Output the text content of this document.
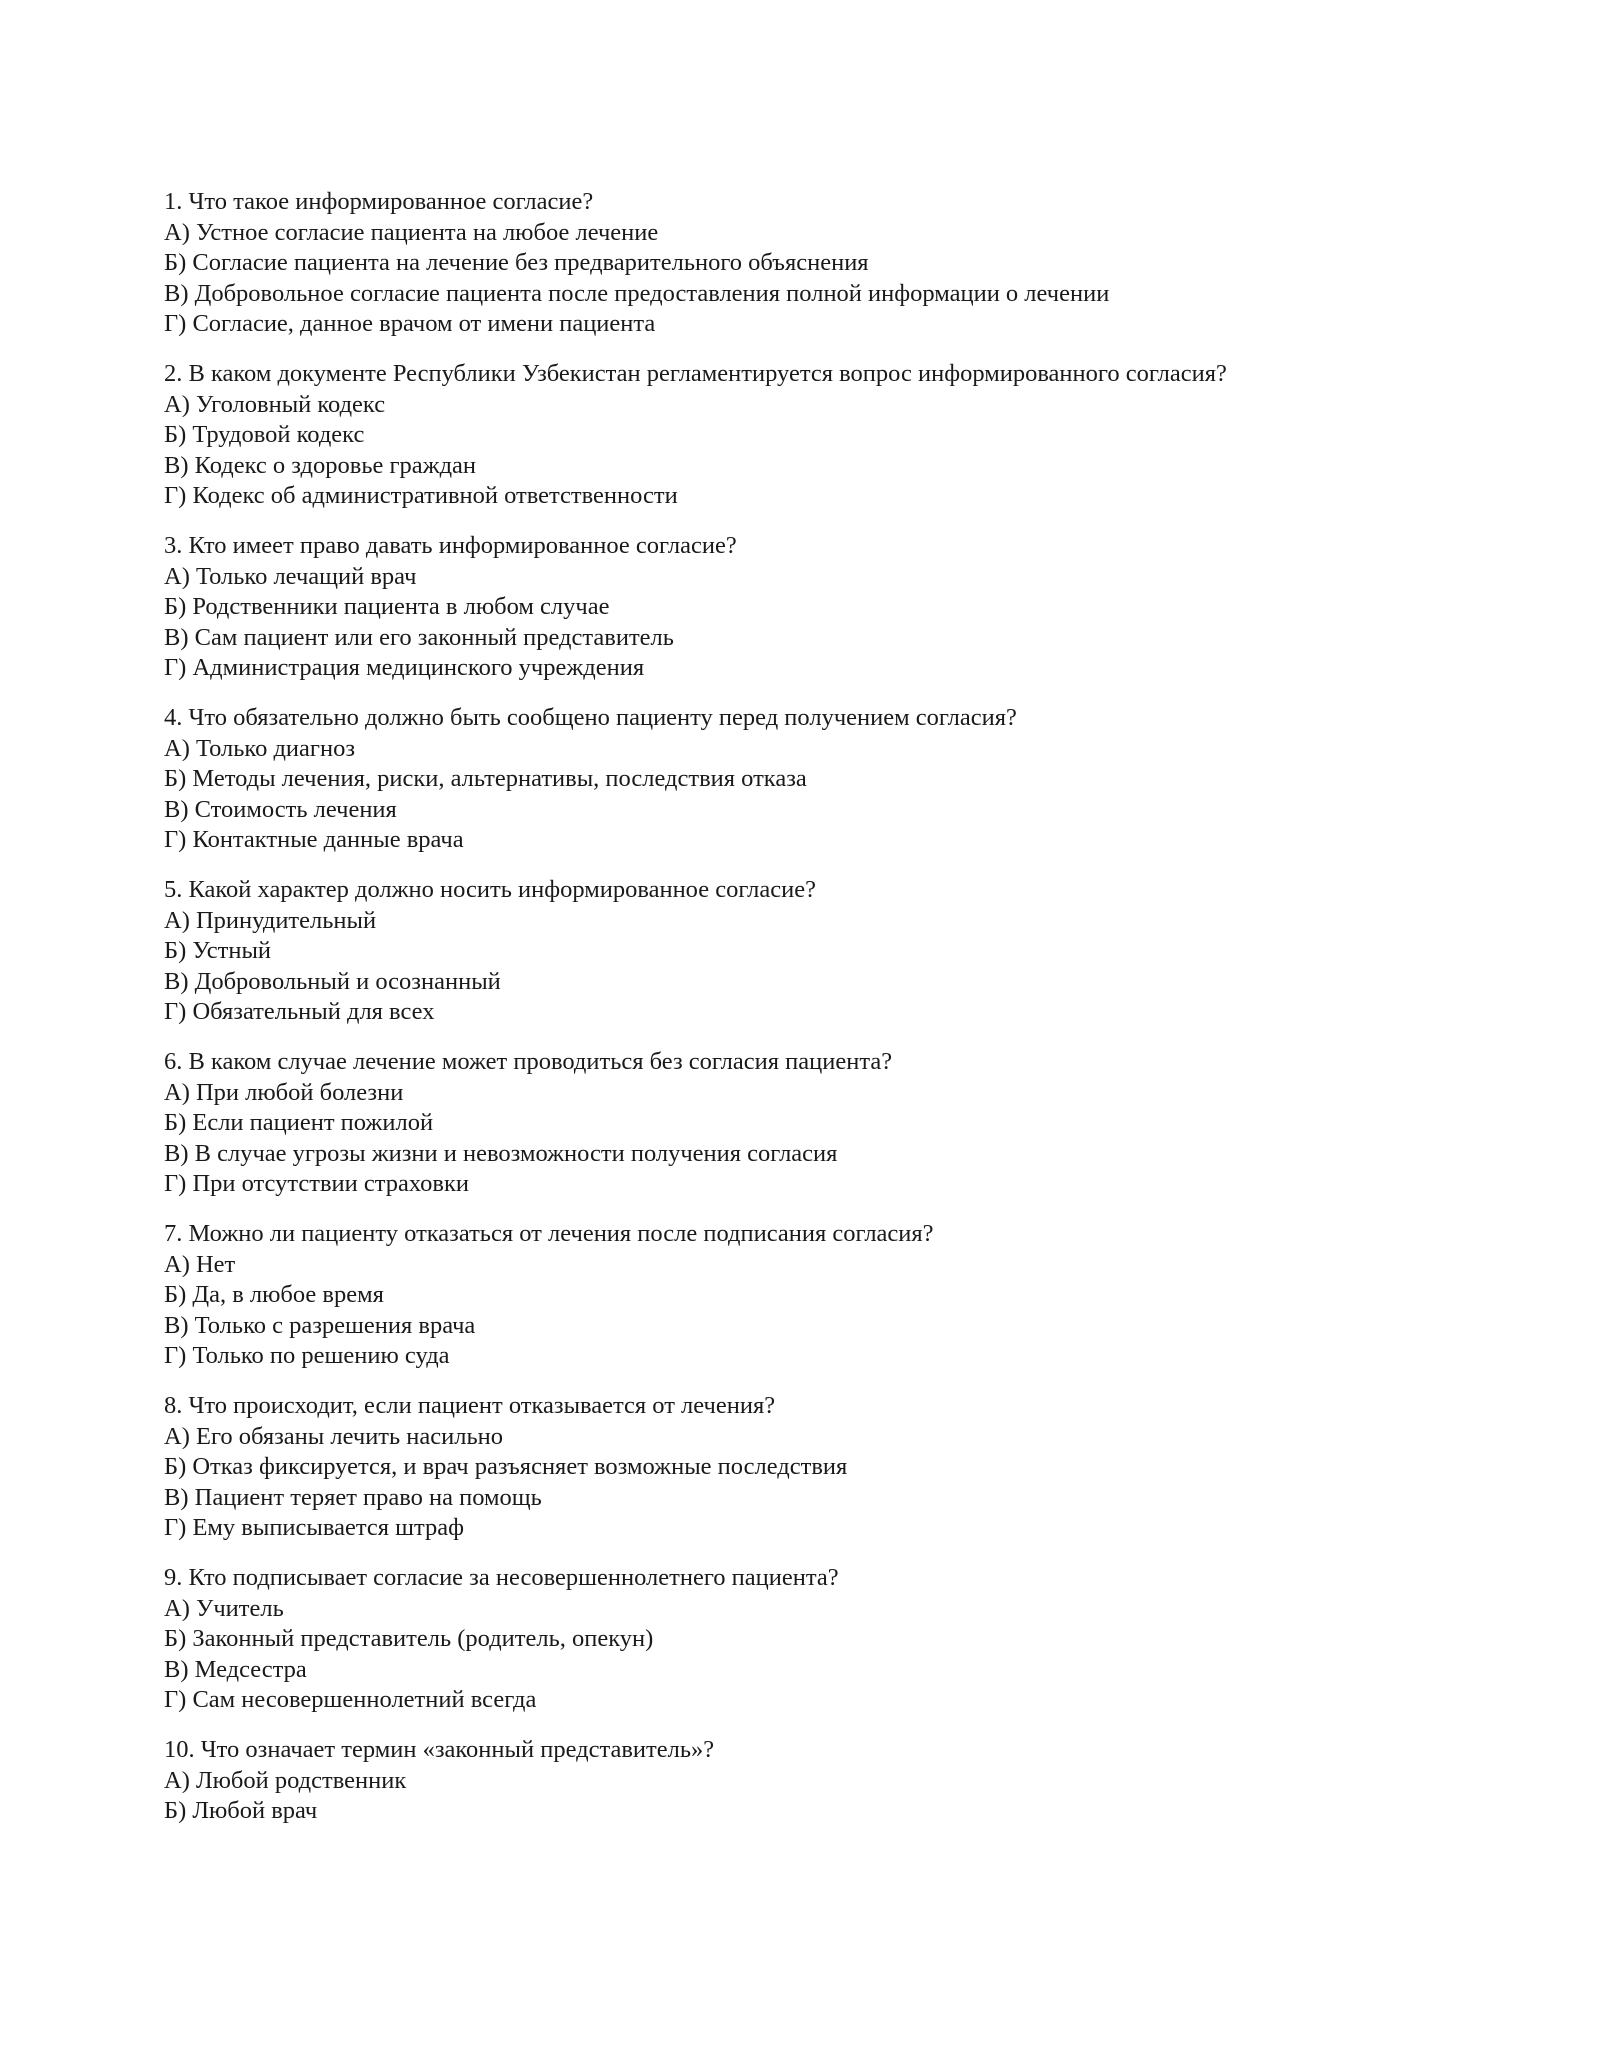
1. Что такое информированное согласие?
А) Устное согласие пациента на любое лечение
Б) Согласие пациента на лечение без предварительного объяснения
В) Добровольное согласие пациента после предоставления полной информации о лечении
Г) Согласие, данное врачом от имени пациента
2. В каком документе Республики Узбекистан регламентируется вопрос информированного согласия?
А) Уголовный кодекс
Б) Трудовой кодекс
В) Кодекс о здоровье граждан
Г) Кодекс об административной ответственности
3. Кто имеет право давать информированное согласие?
А) Только лечащий врач
Б) Родственники пациента в любом случае
В) Сам пациент или его законный представитель
Г) Администрация медицинского учреждения
4. Что обязательно должно быть сообщено пациенту перед получением согласия?
А) Только диагноз
Б) Методы лечения, риски, альтернативы, последствия отказа
В) Стоимость лечения
Г) Контактные данные врача
5. Какой характер должно носить информированное согласие?
А) Принудительный
Б) Устный
В) Добровольный и осознанный
Г) Обязательный для всех
6. В каком случае лечение может проводиться без согласия пациента?
А) При любой болезни
Б) Если пациент пожилой
В) В случае угрозы жизни и невозможности получения согласия
Г) При отсутствии страховки
7. Можно ли пациенту отказаться от лечения после подписания согласия?
А) Нет
Б) Да, в любое время
В) Только с разрешения врача
Г) Только по решению суда
8. Что происходит, если пациент отказывается от лечения?
А) Его обязаны лечить насильно
Б) Отказ фиксируется, и врач разъясняет возможные последствия
В) Пациент теряет право на помощь
Г) Ему выписывается штраф
9. Кто подписывает согласие за несовершеннолетнего пациента?
А) Учитель
Б) Законный представитель (родитель, опекун)
В) Медсестра
Г) Сам несовершеннолетний всегда
10. Что означает термин «законный представитель»?
А) Любой родственник
Б) Любой врач
